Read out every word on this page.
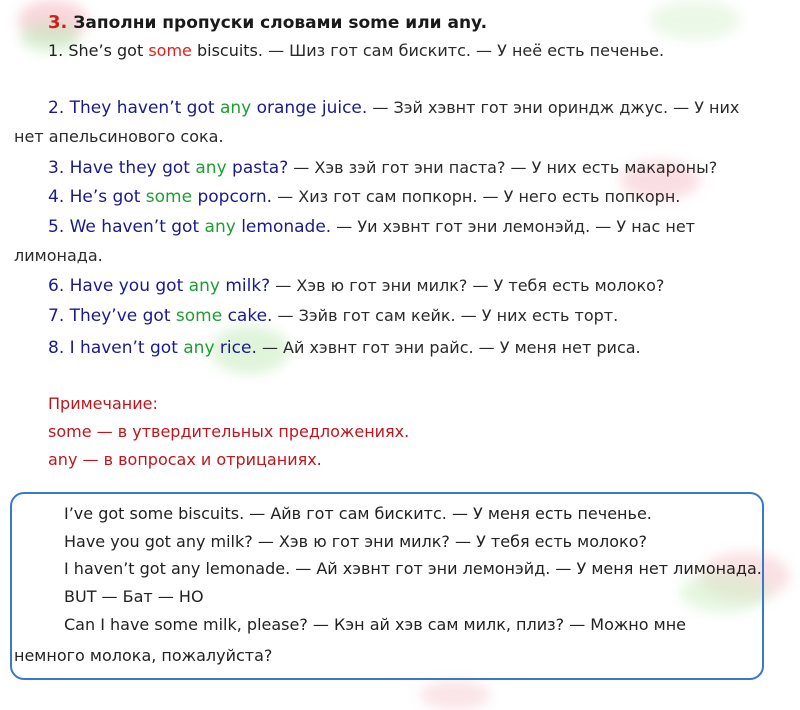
3. Заполни пропуски словами some или any.
1. She’s got some biscuits. — Шиз гот сам бискитс. — У неё есть печенье.
2. They haven’t got any orange juice. — Зэй хэвнт гот эни ориндж джус. — У них
нет апельсинового сока.
3. Have they got any pasta? — Хэв зэй гот эни паста? — У них есть макароны?
4. He’s got some popcorn. — Хиз гот сам попкорн. — У него есть попкорн.
5. We haven’t got any lemonade. — Уи хэвнт гот эни лемонэйд. — У нас нет
лимонада.
6. Have you got any milk? — Хэв ю гот эни милк? — У тебя есть молоко?
7. They’ve got some cake. — Зэйв гот сам кейк. — У них есть торт.
8. I haven’t got any rice. — Ай хэвнт гот эни райс. — У меня нет риса.
Примечание:
some — в утвердительных предложениях.
any — в вопросах и отрицаниях.
I’ve got some biscuits. — Айв гот сам бискитс. — У меня есть печенье.
Have you got any milk? — Хэв ю гот эни милк? — У тебя есть молоко?
I haven’t got any lemonade. — Ай хэвнт гот эни лемонэйд. — У меня нет лимонада.
BUT — Бат — НО
Can I have some milk, please? — Кэн ай хэв сам милк, плиз? — Можно мне
немного молока, пожалуйста?
